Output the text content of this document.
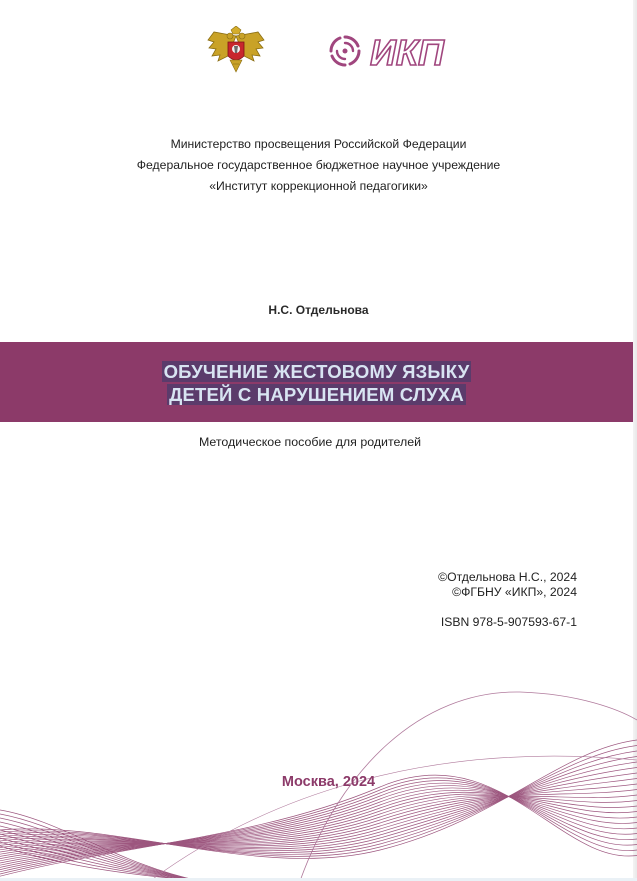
ИКП
Министерство просвещения Российской Федерации
Федеральное государственное бюджетное научное учреждение
«Институт коррекционной педагогики»
Н.С. Отдельнова
ОБУЧЕНИЕ ЖЕСТОВОМУ ЯЗЫКУ
ДЕТЕЙ С НАРУШЕНИЕМ СЛУХА
Методическое пособие для родителей
©Отдельнова Н.С., 2024
©ФГБНУ «ИКП», 2024
ISBN 978-5-907593-67-1
Москва, 2024
